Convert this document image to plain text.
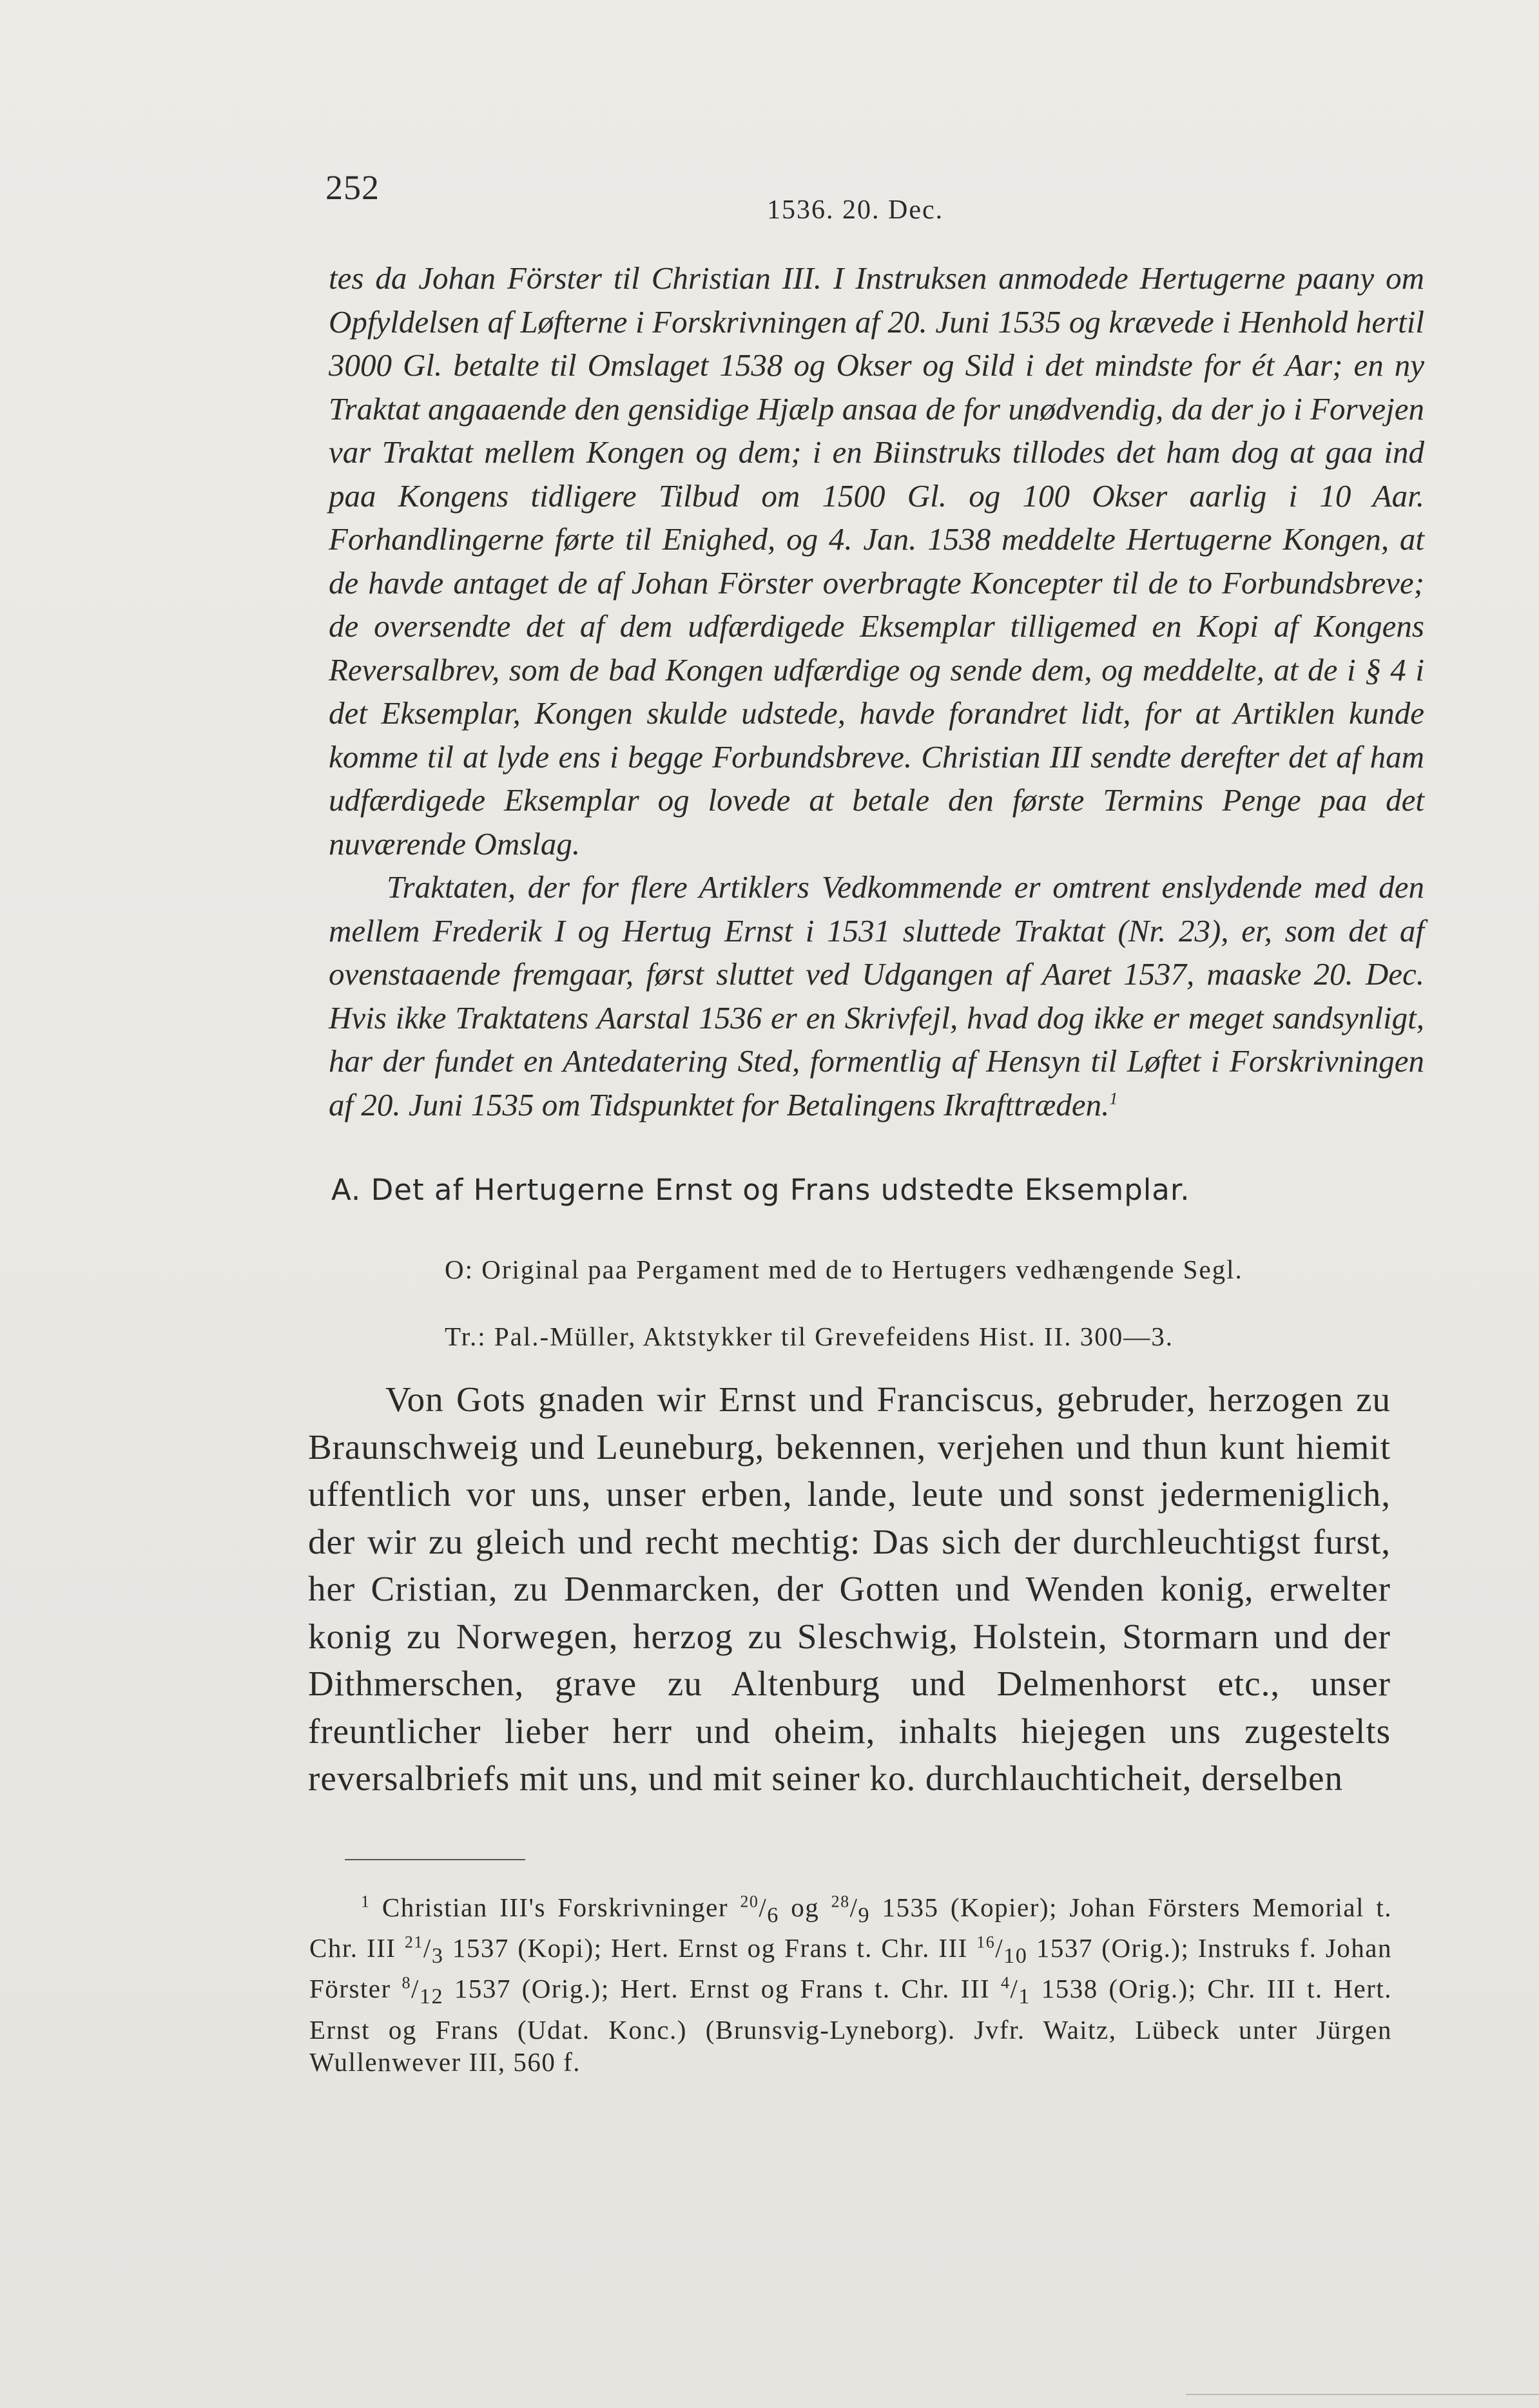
252
1536. 20. Dec.

tes da Johan Förster til Christian III. I Instruksen anmodede Hertugerne paany om Opfyldelsen af Løfterne i Forskrivningen af 20. Juni 1535 og krævede i Henhold hertil 3000 Gl. betalte til Omslaget 1538 og Okser og Sild i det mindste for ét Aar; en ny Traktat angaaende den gensidige Hjælp ansaa de for unødvendig, da der jo i Forvejen var Traktat mellem Kongen og dem; i en Biinstruks tillodes det ham dog at gaa ind paa Kongens tidligere Tilbud om 1500 Gl. og 100 Okser aarlig i 10 Aar. Forhandlingerne førte til Enighed, og 4. Jan. 1538 meddelte Hertugerne Kongen, at de havde antaget de af Johan Förster overbragte Koncepter til de to Forbundsbreve; de oversendte det af dem udfærdigede Eksemplar tilligemed en Kopi af Kongens Reversalbrev, som de bad Kongen udfærdige og sende dem, og meddelte, at de i § 4 i det Eksemplar, Kongen skulde udstede, havde forandret lidt, for at Artiklen kunde komme til at lyde ens i begge Forbundsbreve. Christian III sendte derefter det af ham udfærdigede Eksemplar og lovede at betale den første Termins Penge paa det nuværende Omslag.

Traktaten, der for flere Artiklers Vedkommende er omtrent enslydende med den mellem Frederik I og Hertug Ernst i 1531 sluttede Traktat (Nr. 23), er, som det af ovenstaaende fremgaar, først sluttet ved Udgangen af Aaret 1537, maaske 20. Dec. Hvis ikke Traktatens Aarstal 1536 er en Skrivfejl, hvad dog ikke er meget sandsynligt, har der fundet en Antedatering Sted, formentlig af Hensyn til Løftet i Forskrivningen af 20. Juni 1535 om Tidspunktet for Betalingens Ikrafttræden.$^1$

A. Det af Hertugerne Ernst og Frans udstedte Eksemplar.
O: Original paa Pergament med de to Hertugers vedhængende Segl.
Tr.: Pal.-Müller, Aktstykker til Grevefeidens Hist. II. 300—3.

Von Gots gnaden wir Ernst und Franciscus, gebruder, herzogen zu Braunschweig und Leuneburg, bekennen, verjehen und thun kunt hiemit uffentlich vor uns, unser erben, lande, leute und sonst jedermeniglich, der wir zu gleich und recht mechtig: Das sich der durchleuchtigst furst, her Cristian, zu Denmarcken, der Gotten und Wenden konig, erwelter konig zu Norwegen, herzog zu Sleschwig, Holstein, Stormarn und der Dithmerschen, grave zu Altenburg und Delmenhorst etc., unser freuntlicher lieber herr und oheim, inhalts hiejegen uns zugestelts reversalbriefs mit uns, und mit seiner ko. durchlauchticheit, derselben

$^1$ Christian III's Forskrivninger $^{20}/_6$ og $^{28}/_9$ 1535 (Kopier); Johan Försters Memorial t. Chr. III $^{21}/_3$ 1537 (Kopi); Hert. Ernst og Frans t. Chr. III $^{16}/_{10}$ 1537 (Orig.); Instruks f. Johan Förster $^8/_{12}$ 1537 (Orig.); Hert. Ernst og Frans t. Chr. III $^4/_1$ 1538 (Orig.); Chr. III t. Hert. Ernst og Frans (Udat. Konc.) (Brunsvig-Lyneborg). Jvfr. Waitz, Lübeck unter Jürgen Wullenwever III, 560 f.
